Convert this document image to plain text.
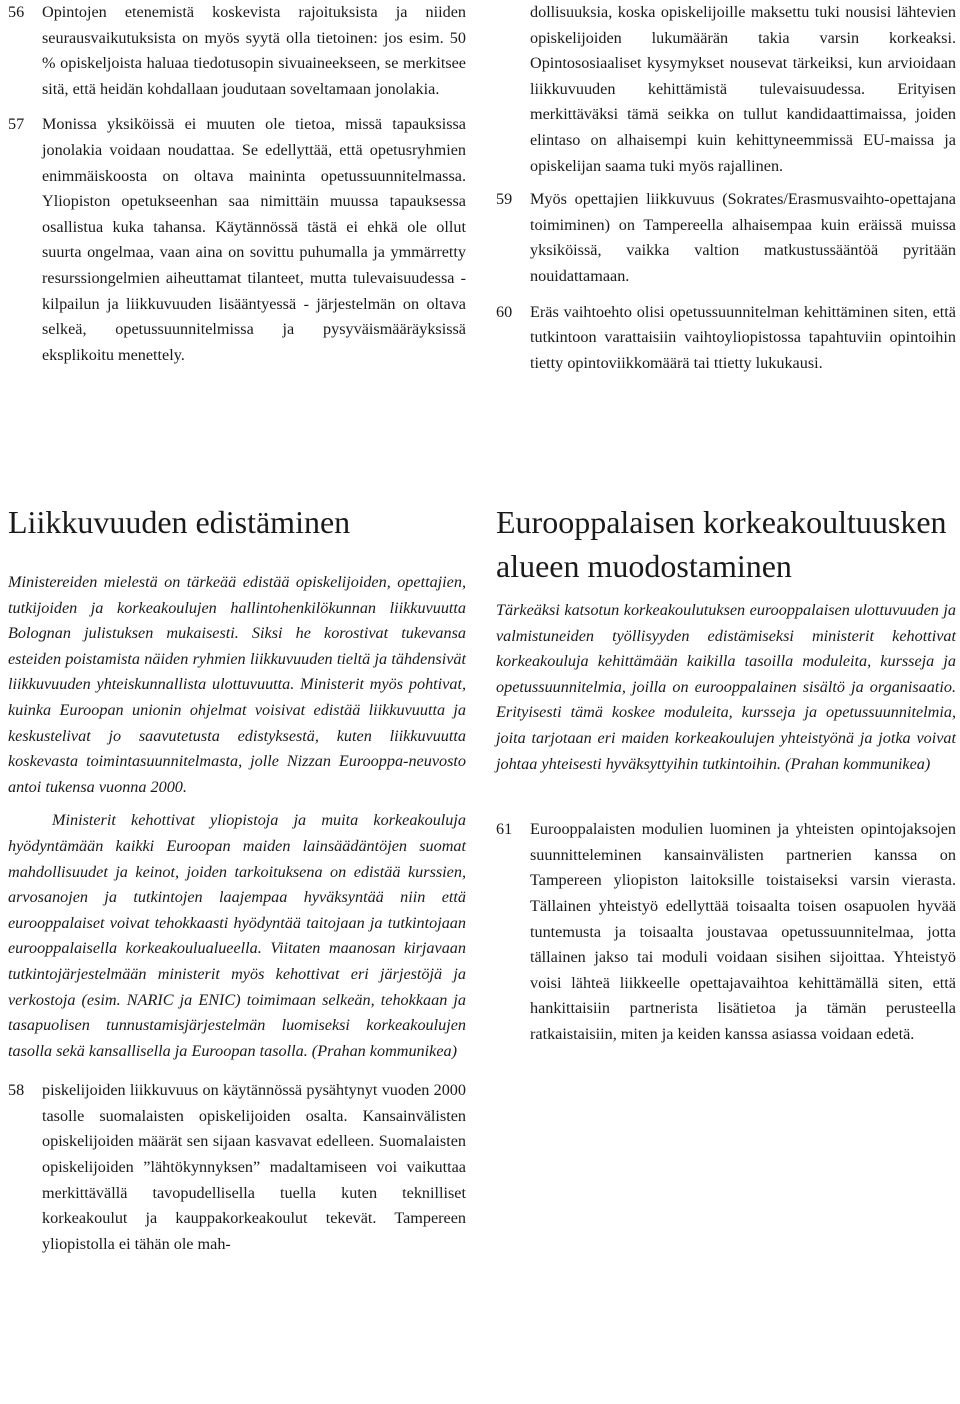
56	Opintojen etenemistä koskevista rajoituksista ja niiden seurausvaikutuksista on myös syytä olla tietoinen: jos esim. 50 % opiskeljoista haluaa tiedotusopin sivuaineekseen, se merkitsee sitä, että heidän kohdallaan joudutaan soveltamaan jonolakia.
57	Monissa yksiköissä ei muuten ole tietoa, missä tapauksissa jonolakia voidaan noudattaa. Se edellyttää, että opetusryhmien enimmäiskoosta on oltava maininta opetussuunnitelmassa. Yliopiston opetukseenhan saa nimittäin muussa tapauksessa osallistua kuka tahansa. Käytännössä tästä ei ehkä ole ollut suurta ongelmaa, vaan aina on sovittu puhumalla ja ymmärretty resurssiongelmien aiheuttamat tilanteet, mutta tulevaisuudessa - kilpailun ja liikkuvuuden lisääntyessä - järjestelmän on oltava selkeä, opetussuunnitelmissa ja pysyväismääräyksissä eksplikoitu menettely.
dollisuuksia, koska opiskelijoille maksettu tuki nousisi lähtevien opiskelijoiden lukumäärän takia varsin korkeaksi. Opintososiaaliset kysymykset nousevat tärkeiksi, kun arvioidaan liikkuvuuden kehittämistä tulevaisuudessa. Erityisen merkittäväksi tämä seikka on tullut kandidaattimaissa, joiden elintaso on alhaisempi kuin kehittyneemmissä EU-maissa ja opiskelijan saama tuki myös rajallinen.
59	Myös opettajien liikkuvuus (Sokrates/Erasmusvaihto-opettajana toimiminen) on Tampereella alhaisempaa kuin eräissä muissa yksiköissä, vaikka valtion matkustussääntöä pyritään nouidattamaan.
60	Eräs vaihtoehto olisi opetussuunnitelman kehittäminen siten, että tutkintoon varattaisiin vaihtoyliopistossa tapahtuviin opintoihin tietty opintoviikkomäärä tai ttietty lukukausi.
Liikkuvuuden edistäminen

Ministereiden mielestä on tärkeää edistää opiskelijoiden, opettajien, tutkijoiden ja korkeakoulujen hallintohenkilökunnan liikkuvuutta Bolognan julistuksen mukaisesti. Siksi he korostivat tukevansa esteiden poistamista näiden ryhmien liikkuvuuden tieltä ja tähdensivät liikkuvuuden yhteiskunnallista ulottuvuutta. Ministerit myös pohtivat, kuinka Euroopan unionin ohjelmat voisivat edistää liikkuvuutta ja keskustelivat jo saavutetusta edistyksestä, kuten liikkuvuutta koskevasta toimintasuunnitelmasta, jolle Nizzan Eurooppa-neuvosto antoi tukensa vuonna 2000.

Ministerit kehottivat yliopistoja ja muita korkeakouluja hyödyntämään kaikki Euroopan maiden lainsäädäntöjen suomat mahdollisuudet ja keinot, joiden tarkoituksena on edistää kurssien, arvosanojen ja tutkintojen laajempaa hyväksyntää niin että eurooppalaiset voivat tehokkaasti hyödyntää taitojaan ja tutkintojaan eurooppalaisella korkeakoulualueella. Viitaten maanosan kirjavaan tutkintojärjestelmään ministerit myös kehottivat eri järjestöjä ja verkostoja (esim. NARIC ja ENIC) toimimaan selkeän, tehokkaan ja tasapuolisen tunnustamisjärjestelmän luomiseksi korkeakoulujen tasolla sekä kansallisella ja Euroopan tasolla. (Prahan kommunikea)

58	piskelijoiden liikkuvuus on käytännössä pysähtynyt vuoden 2000 tasolle suomalaisten opiskelijoiden osalta. Kansainvälisten opiskelijoiden määrät sen sijaan kasvavat edelleen. Suomalaisten opiskelijoiden ”lähtökynnyksen” madaltamiseen voi vaikuttaa merkittävällä tavopudellisella tuella kuten teknilliset korkeakoulut ja kauppakorkeakoulut tekevät. Tampereen yliopistolla ei tähän ole mah-
Eurooppalaisen korkeakoultuusken alueen muodostaminen

Tärkeäksi katsotun korkeakoulutuksen eurooppalaisen ulottuvuuden ja valmistuneiden työllisyyden edistämiseksi ministerit kehottivat korkeakouluja kehittämään kaikilla tasoilla moduleita, kursseja ja opetussuunnitelmia, joilla on eurooppalainen sisältö ja organisaatio. Erityisesti tämä koskee moduleita, kursseja ja opetussuunnitelmia, joita tarjotaan eri maiden korkeakoulujen yhteistyönä ja jotka voivat johtaa yhteisesti hyväksyttyihin tutkintoihin. (Prahan kommunikea)

61	Eurooppalaisten modulien luominen ja yhteisten opintojaksojen suunnitteleminen kansainvälisten partnerien kanssa on Tampereen yliopiston laitoksille toistaiseksi varsin vierasta. Tällainen yhteistyö edellyttää toisaalta toisen osapuolen hyvää tuntemusta ja toisaalta joustavaa opetussuunnitelmaa, jotta tällainen jakso tai moduli voidaan sisihen sijoittaa. Yhteistyö voisi lähteä liikkeelle opettajavaihtoa kehittämällä siten, että hankittaisiin partnerista lisätietoa ja tämän perusteella ratkaistaisiin, miten ja keiden kanssa asiassa voidaan edetä.
